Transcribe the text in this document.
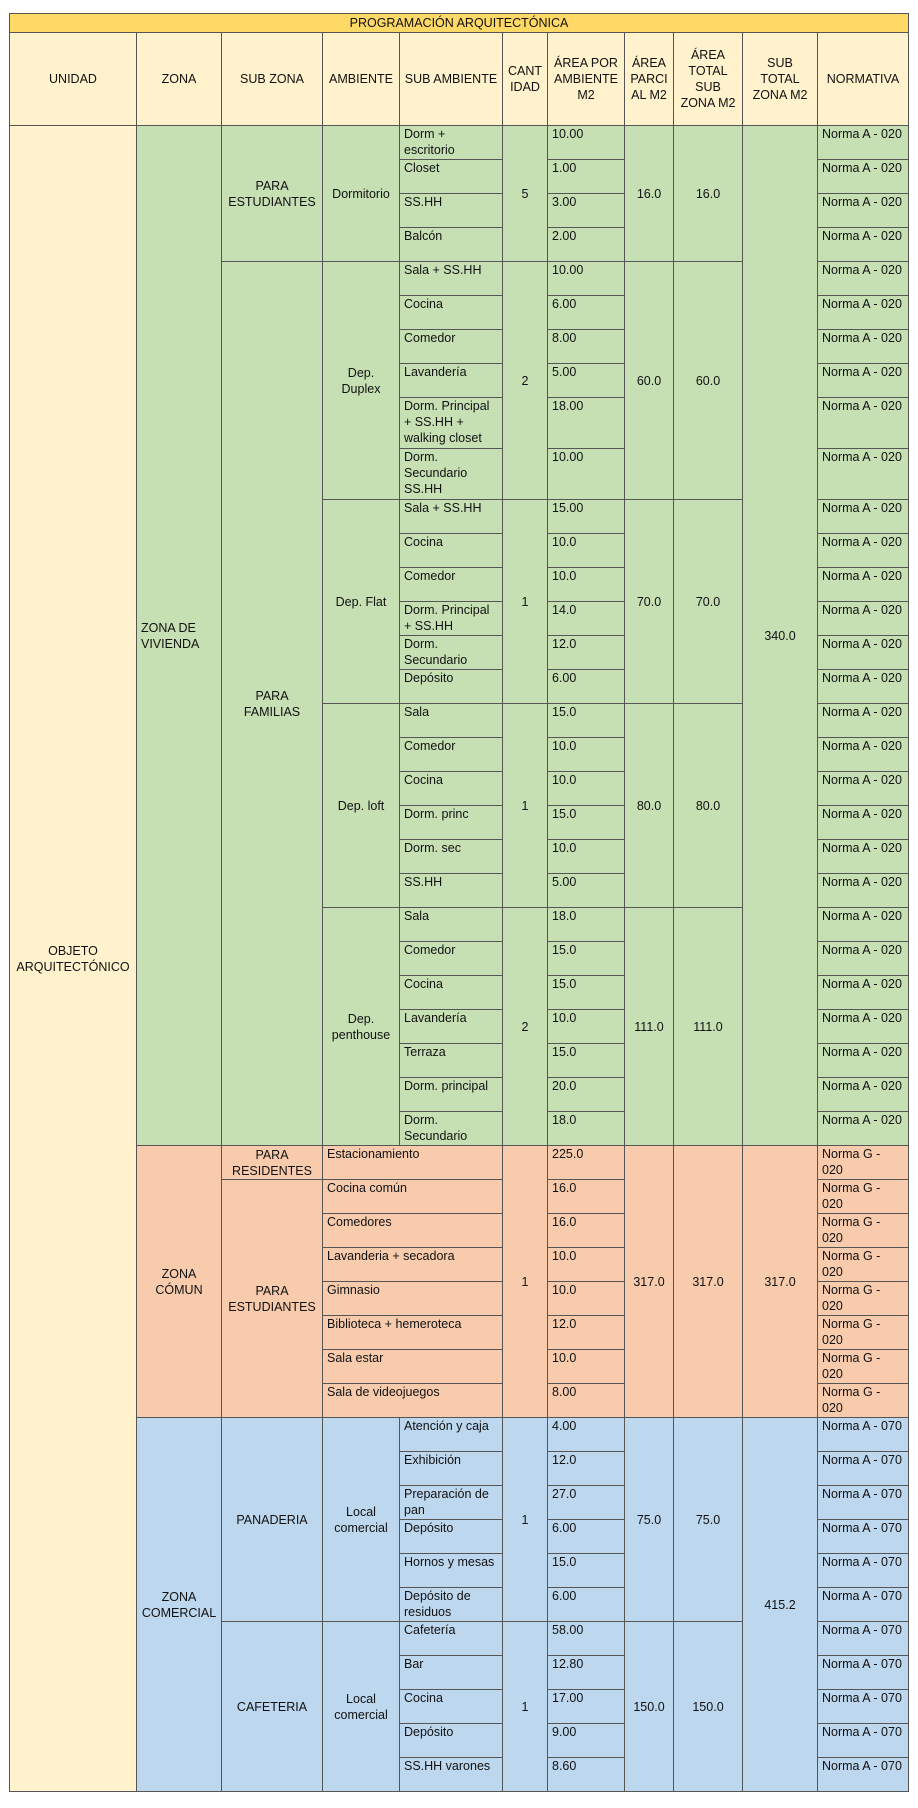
PROGRAMACIÓN ARQUITECTÓNICA										
UNIDAD	ZONA	SUB ZONA	AMBIENTE	SUB AMBIENTE	CANT IDAD	ÁREA POR AMBIENTE M2	ÁREA PARCI AL M2	ÁREA TOTAL SUB ZONA M2	SUB TOTAL ZONA M2	NORMATIVA
OBJETO ARQUITECTÓNICO	ZONA DE VIVIENDA	PARA ESTUDIANTES	Dormitorio	Dorm + escritorio	5	10.00	16.0	16.0	340.0	Norma A - 020
				Closet		1.00				Norma A - 020
				SS.HH		3.00				Norma A - 020
				Balcón		2.00				Norma A - 020
		PARA FAMILIAS	Dep. Duplex	Sala + SS.HH	2	10.00	60.0	60.0		Norma A - 020
				Cocina		6.00				Norma A - 020
				Comedor		8.00				Norma A - 020
				Lavandería		5.00				Norma A - 020
				Dorm. Principal + SS.HH + walking closet		18.00				Norma A - 020
				Dorm. Secundario SS.HH		10.00				Norma A - 020
			Dep. Flat	Sala + SS.HH	1	15.00	70.0	70.0		Norma A - 020
				Cocina		10.0				Norma A - 020
				Comedor		10.0				Norma A - 020
				Dorm. Principal + SS.HH		14.0				Norma A - 020
				Dorm. Secundario		12.0				Norma A - 020
				Depósito		6.00				Norma A - 020
			Dep. loft	Sala	1	15.0	80.0	80.0		Norma A - 020
				Comedor		10.0				Norma A - 020
				Cocina		10.0				Norma A - 020
				Dorm. princ		15.0				Norma A - 020
				Dorm. sec		10.0				Norma A - 020
				SS.HH		5.00				Norma A - 020
			Dep. penthouse	Sala	2	18.0	111.0	111.0		Norma A - 020
				Comedor		15.0				Norma A - 020
				Cocina		15.0				Norma A - 020
				Lavandería		10.0				Norma A - 020
				Terraza		15.0				Norma A - 020
				Dorm. principal		20.0				Norma A - 020
				Dorm. Secundario		18.0				Norma A - 020
	ZONA CÓMUN	PARA RESIDENTES	Estacionamiento		1	225.0	317.0	317.0	317.0	Norma G - 020
		PARA ESTUDIANTES	Cocina común			16.0				Norma G - 020
			Comedores			16.0				Norma G - 020
			Lavanderia + secadora			10.0				Norma G - 020
			Gimnasio			10.0				Norma G - 020
			Biblioteca + hemeroteca			12.0				Norma G - 020
			Sala estar			10.0				Norma G - 020
			Sala de videojuegos			8.00				Norma G - 020
	ZONA COMERCIAL	PANADERIA	Local comercial	Atención y caja	1	4.00	75.0	75.0	415.2	Norma A - 070
				Exhibición		12.0				Norma A - 070
				Preparación de pan		27.0				Norma A - 070
				Depósito		6.00				Norma A - 070
				Hornos y mesas		15.0				Norma A - 070
				Depósito de residuos		6.00				Norma A - 070
		CAFETERIA	Local comercial	Cafetería	1	58.00	150.0	150.0		Norma A - 070
				Bar		12.80				Norma A - 070
				Cocina		17.00				Norma A - 070
				Depósito		9.00				Norma A - 070
				SS.HH varones		8.60				Norma A - 070
